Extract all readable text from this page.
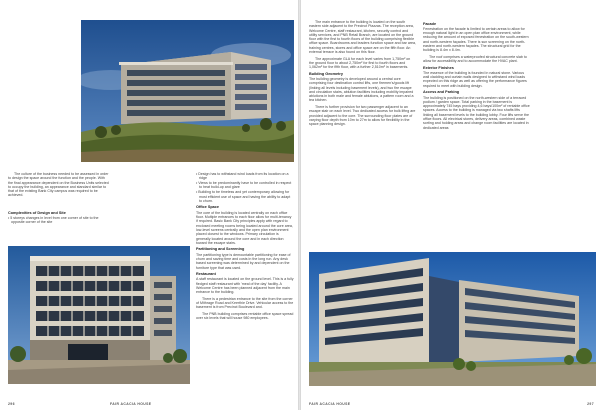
The culture of the business needed to be assessed in order to design the space around the function and the people. With the final appearance dependent on the Business Units selected to occupy the building, an appearance and standard similar to that of the existing Bank City campus was required to be achieved.

Complexities of Design and Site
• 5 storeys changes in level from one corner of site to the opposite corner of the site
• Design has to withstand wind loads from its location on a ridge
• Views to be predominantly have to be controlled in respect to heat build-up and glare
• Building to be timeless and yet contemporary allowing for most efficient use of space and having the ability to adapt to churn.
Office Space

The core of the building is located centrally on each office floor. Multiple entrances to each floor allow for multi-tenancy if required. Basic Bank City principles apply with regard to enclosed meeting rooms being located around the core area, low-level screens centrally and the open plan environment placed closest to the windows. Primary circulation is generally located around the core and in each direction toward the escape stairs.

Partitioning and Screening

The partitioning type is demountable partitioning for ease of churn and saving time and costs in the long run. Any desk based screening was determined by and dependent on the furniture type that was used.

Restaurant

A staff restaurant is located on the ground level. This is a fully fledged staff restaurant with 'meal of the day' facility. A Welcome Centre has been planned adjacent from the main entrance to the building.

There is a pedestrian entrance to the site from the corner of Mithrage Road and Keerthie Drive. Vehicular access to the basement is from Precinct Boulevard and.

The PNB building comprises rentable office space spread over six levels that will house 980 employees.

296	FAIR ACACIA HOUSE

The main entrance to the building is located on the south eastern side adjacent to the Precinct Piazzas. The reception area, Welcome Centre, staff restaurant, kitchen, security control and utility services, and PNB Retail Branch, are located on the ground floor with the first to fourth floors of the building comprising flexible office space. Boardrooms and leaders function space and bar area, training centres, stores and office space are on the fifth floor. An external terrace is also found on this floor.

The approximate GLA for each level varies from 1,750m² on the ground floor to about 2,750m² for first to fourth floors and 1,062m² for the fifth floor, with a further 2,510m² in basements.

Building Geometry

The building geometry is developed around a central core comprising four destination control lifts, one firemen's/goods lift (linking all levels including basement levels), and two fire escape and circulation stairs, ablution facilities including mobility impaired ablutions in both male and female ablutions, a pattern room and a tea kitchen.

There is further provision for two passenger adjacent to an escape stair on each level. Two dedicated access for bulk liftng are provided adjacent to the core. The surrounding floor plates are of varying floor depth from 10m to 27m to allow for flexibility in the space planning design.

Facade

Fenestration on the facade is limited to certain areas to allow for enough natural light in an open plan office environment, while reducing the amount of exposed fenestration on the south-western and north-western façades. There is sun screening on the north-eastern and north-western façades. The structural grid for the building is 8.4m x 8.4m.

The roof comprises a waterproofed structural concrete slab to allow for accessibility and to accommodate the HVAC plant.

Exterior Finishes

The essence of the building is founded in natural stone. Various wall cladding and curtain walls designed to withstand wind loads expected on this ridge as well as offering the performance figures required to meet with building design.

Access and Parking

The building is positioned on the north-western side of a terraced podium / garden space. Total parking in the basement is approximately 745 bays providing 4,6 bays/100m² of rentable office spaces. Access to the building is managed via two shafts lifts linking all basement levels to the building lobby. Four lifts serve the office floors. All electrical stores, delivery areas, combined waste sorting and holding areas and change room facilities are located in dedicated areas

FAIR ACACIA HOUSE	297
